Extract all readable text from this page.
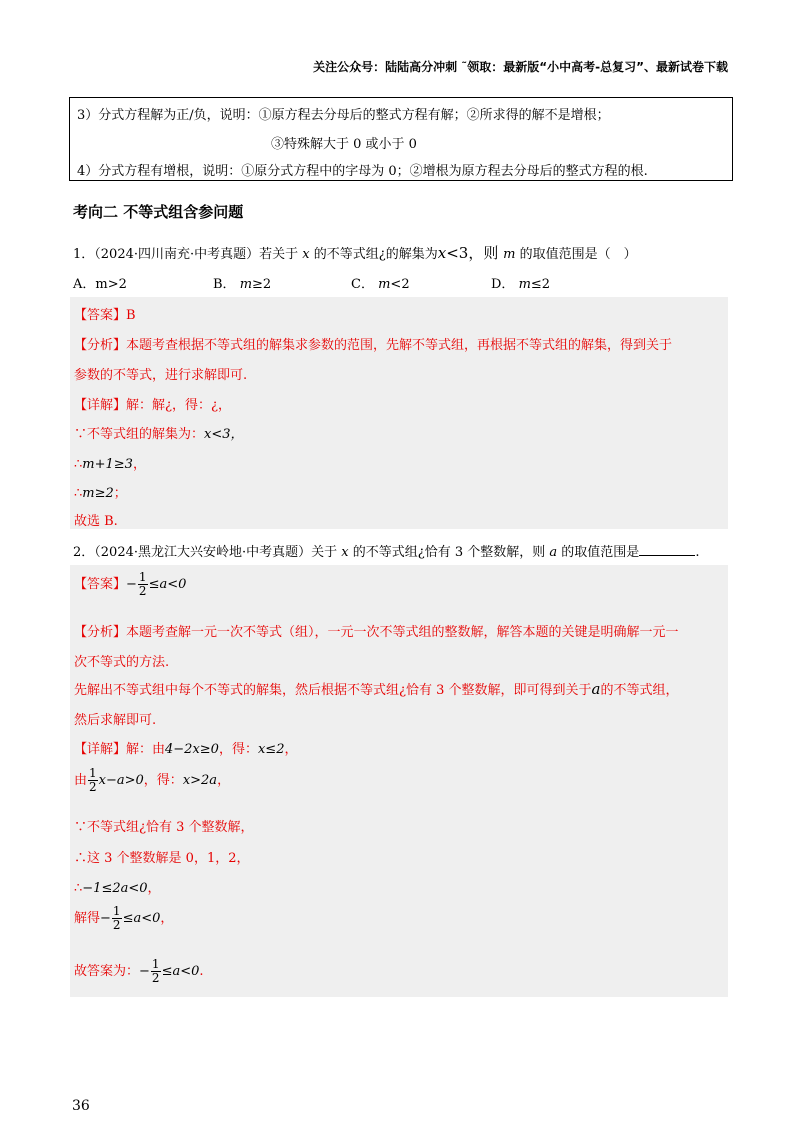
关注公众号：陆陆高分冲刺 ˜领取：最新版“小中高考-总复习”、最新试卷下载
3）分式方程解为正/负，说明：①原方程去分母后的整式方程有解；②所求得的解不是增根；
③特殊解大于 0 或小于 0
4）分式方程有增根，说明：①原分式方程中的字母为 0；②增根为原方程去分母后的整式方程的根.
考向二 不等式组含参问题
1．（2024·四川南充·中考真题）若关于 x 的不等式组¿的解集为x<3，则 m 的取值范围是（　）
A．m>2	B． m≥2	C． m<2	D． m≤2
【答案】B
【分析】本题考查根据不等式组的解集求参数的范围，先解不等式组，再根据不等式组的解集，得到关于
参数的不等式，进行求解即可.
【详解】解：解¿，得：¿，
∵不等式组的解集为：x<3，
∴m+1≥3，
∴m≥2；
故选 B.
2．（2024·黑龙江大兴安岭地·中考真题）关于 x 的不等式组¿恰有 3 个整数解，则 a 的取值范围是	.
【答案】− $\frac{1}{2} \le a<0$
【分析】本题考查解一元一次不等式（组），一元一次不等式组的整数解，解答本题的关键是明确解一元一
次不等式的方法.
先解出不等式组中每个不等式的解集，然后根据不等式组¿恰有 3 个整数解，即可得到关于a的不等式组，
然后求解即可.
【详解】解：由4−2x≥0，得：x≤2，
由 $\frac{1}{2} x-a>0$，得：x>2a，
∵不等式组¿恰有 3 个整数解，
∴这 3 个整数解是 0，1，2，
∴−1≤2a<0，
解得− $\frac{1}{2} \le a<0$，
故答案为：− $\frac{1}{2} \le a<0$.
36
